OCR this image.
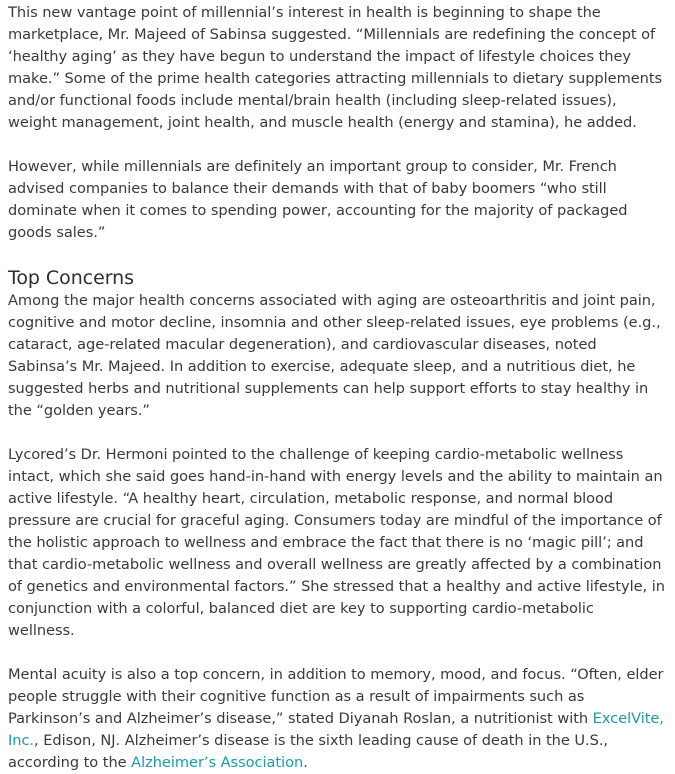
This new vantage point of millennial’s interest in health is beginning to shape the marketplace, Mr. Majeed of Sabinsa suggested. “Millennials are redefining the concept of ‘healthy aging’ as they have begun to understand the impact of lifestyle choices they make.” Some of the prime health categories attracting millennials to dietary supplements and/or functional foods include mental/brain health (including sleep-related issues), weight management, joint health, and muscle health (energy and stamina), he added.

However, while millennials are definitely an important group to consider, Mr. French advised companies to balance their demands with that of baby boomers “who still dominate when it comes to spending power, accounting for the majority of packaged goods sales.”

Top Concerns

Among the major health concerns associated with aging are osteoarthritis and joint pain, cognitive and motor decline, insomnia and other sleep-related issues, eye problems (e.g., cataract, age-related macular degeneration), and cardiovascular diseases, noted Sabinsa’s Mr. Majeed. In addition to exercise, adequate sleep, and a nutritious diet, he suggested herbs and nutritional supplements can help support efforts to stay healthy in the “golden years.”

Lycored’s Dr. Hermoni pointed to the challenge of keeping cardio-metabolic wellness intact, which she said goes hand-in-hand with energy levels and the ability to maintain an active lifestyle. “A healthy heart, circulation, metabolic response, and normal blood pressure are crucial for graceful aging. Consumers today are mindful of the importance of the holistic approach to wellness and embrace the fact that there is no ‘magic pill’; and that cardio-metabolic wellness and overall wellness are greatly affected by a combination of genetics and environmental factors.” She stressed that a healthy and active lifestyle, in conjunction with a colorful, balanced diet are key to supporting cardio-metabolic wellness.

Mental acuity is also a top concern, in addition to memory, mood, and focus. “Often, elder people struggle with their cognitive function as a result of impairments such as Parkinson’s and Alzheimer’s disease,” stated Diyanah Roslan, a nutritionist with ExcelVite, Inc., Edison, NJ. Alzheimer’s disease is the sixth leading cause of death in the U.S., according to the Alzheimer’s Association.
